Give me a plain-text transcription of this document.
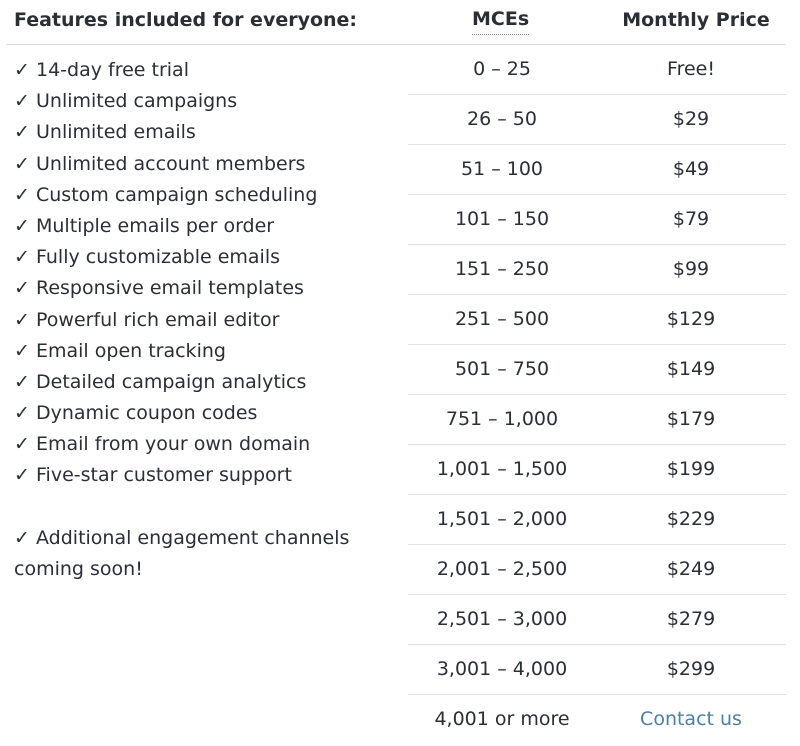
Features included for everyone:	MCEs	Monthly Price
✓ 14-day free trial
✓ Unlimited campaigns
✓ Unlimited emails
✓ Unlimited account members
✓ Custom campaign scheduling
✓ Multiple emails per order
✓ Fully customizable emails
✓ Responsive email templates
✓ Powerful rich email editor
✓ Email open tracking
✓ Detailed campaign analytics
✓ Dynamic coupon codes
✓ Email from your own domain
✓ Five-star customer support
✓ Additional engagement channels coming soon!
0 – 25	Free!
26 – 50	$29
51 – 100	$49
101 – 150	$79
151 – 250	$99
251 – 500	$129
501 – 750	$149
751 – 1,000	$179
1,001 – 1,500	$199
1,501 – 2,000	$229
2,001 – 2,500	$249
2,501 – 3,000	$279
3,001 – 4,000	$299
4,001 or more	Contact us
